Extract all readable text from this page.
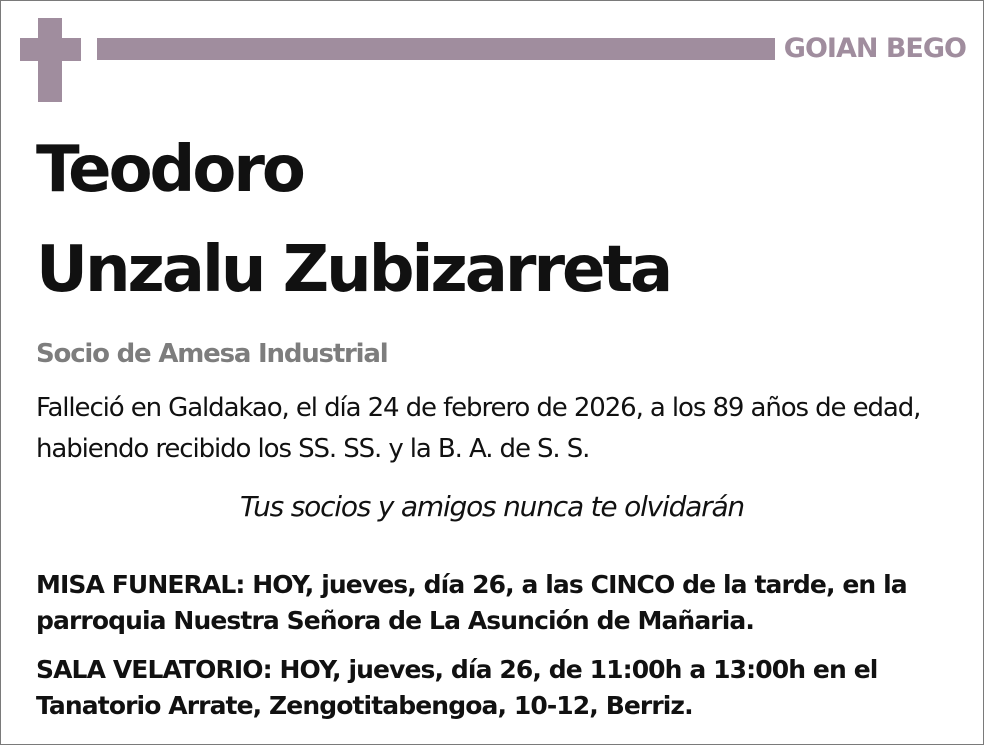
GOIAN BEGO
Teodoro
Unzalu Zubizarreta
Socio de Amesa Industrial

Falleció en Galdakao, el día 24 de febrero de 2026, a los 89 años de edad, habiendo recibido los SS. SS. y la B. A. de S. S.

Tus socios y amigos nunca te olvidarán

MISA FUNERAL: HOY, jueves, día 26, a las CINCO de la tarde, en la parroquia Nuestra Señora de La Asunción de Mañaria.

SALA VELATORIO: HOY, jueves, día 26, de 11:00h a 13:00h en el Tanatorio Arrate, Zengotitabengoa, 10-12, Berriz.
